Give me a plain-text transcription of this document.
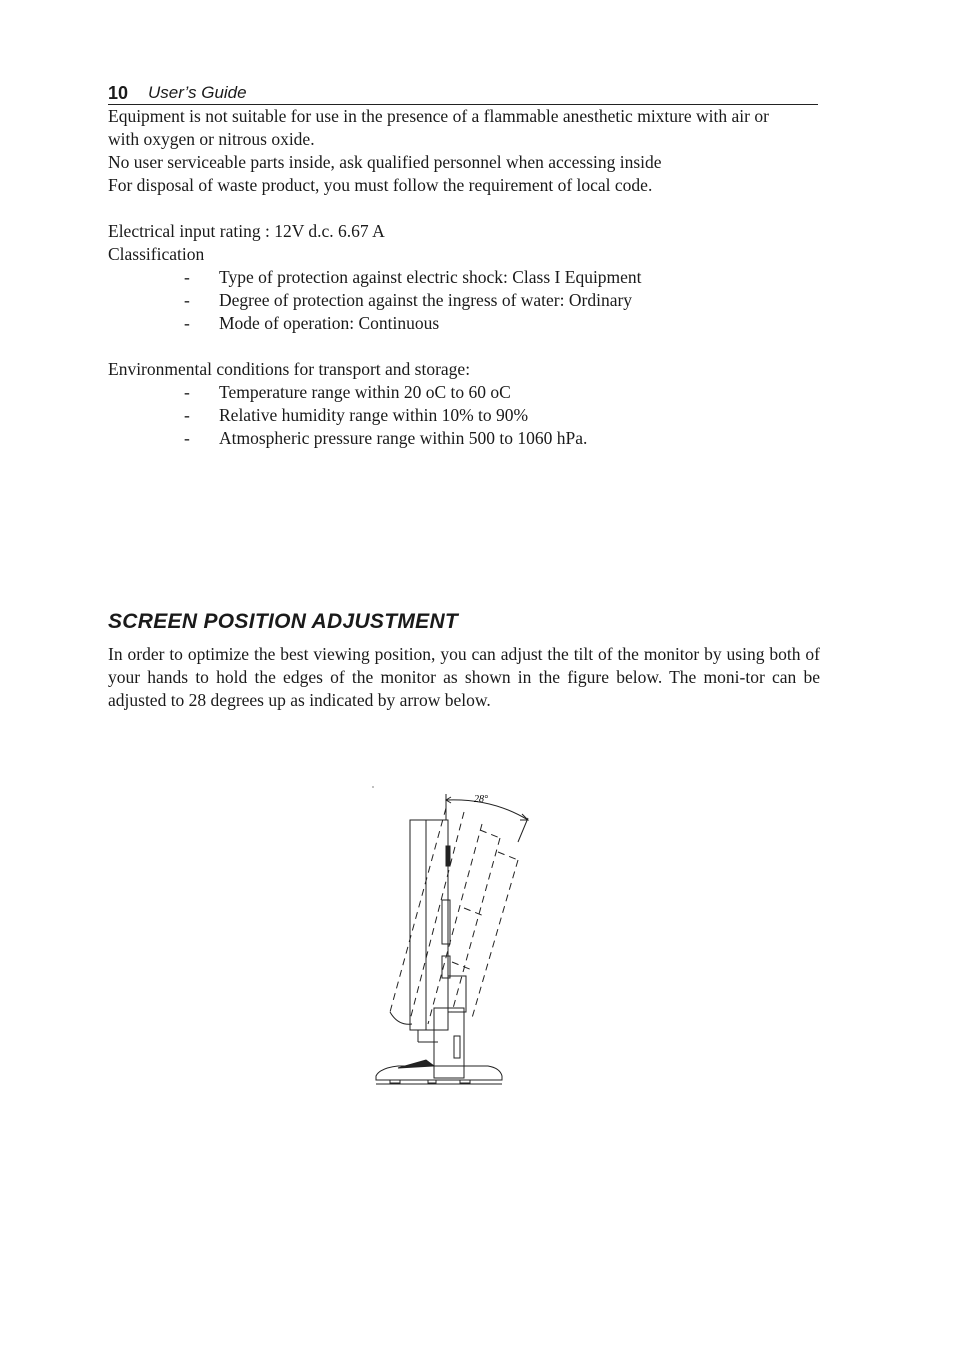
10 User’s Guide
Equipment is not suitable for use in the presence of a flammable anesthetic mixture with air or
with oxygen or nitrous oxide.
No user serviceable parts inside, ask qualified personnel when accessing inside
For disposal of waste product, you must follow the requirement of local code.
Electrical input rating : 12V d.c. 6.67 A
Classification
- Type of protection against electric shock: Class I Equipment
- Degree of protection against the ingress of water: Ordinary
- Mode of operation: Continuous
Environmental conditions for transport and storage:
- Temperature range within 20 oC to 60 oC
- Relative humidity range within 10% to 90%
- Atmospheric pressure range within 500 to 1060 hPa.
SCREEN POSITION ADJUSTMENT
In order to optimize the best viewing position, you can adjust the tilt of the monitor by using both of your hands to hold the edges of the monitor as shown in the figure below. The moni-tor can be adjusted to 28 degrees up as indicated by arrow below.
28°
